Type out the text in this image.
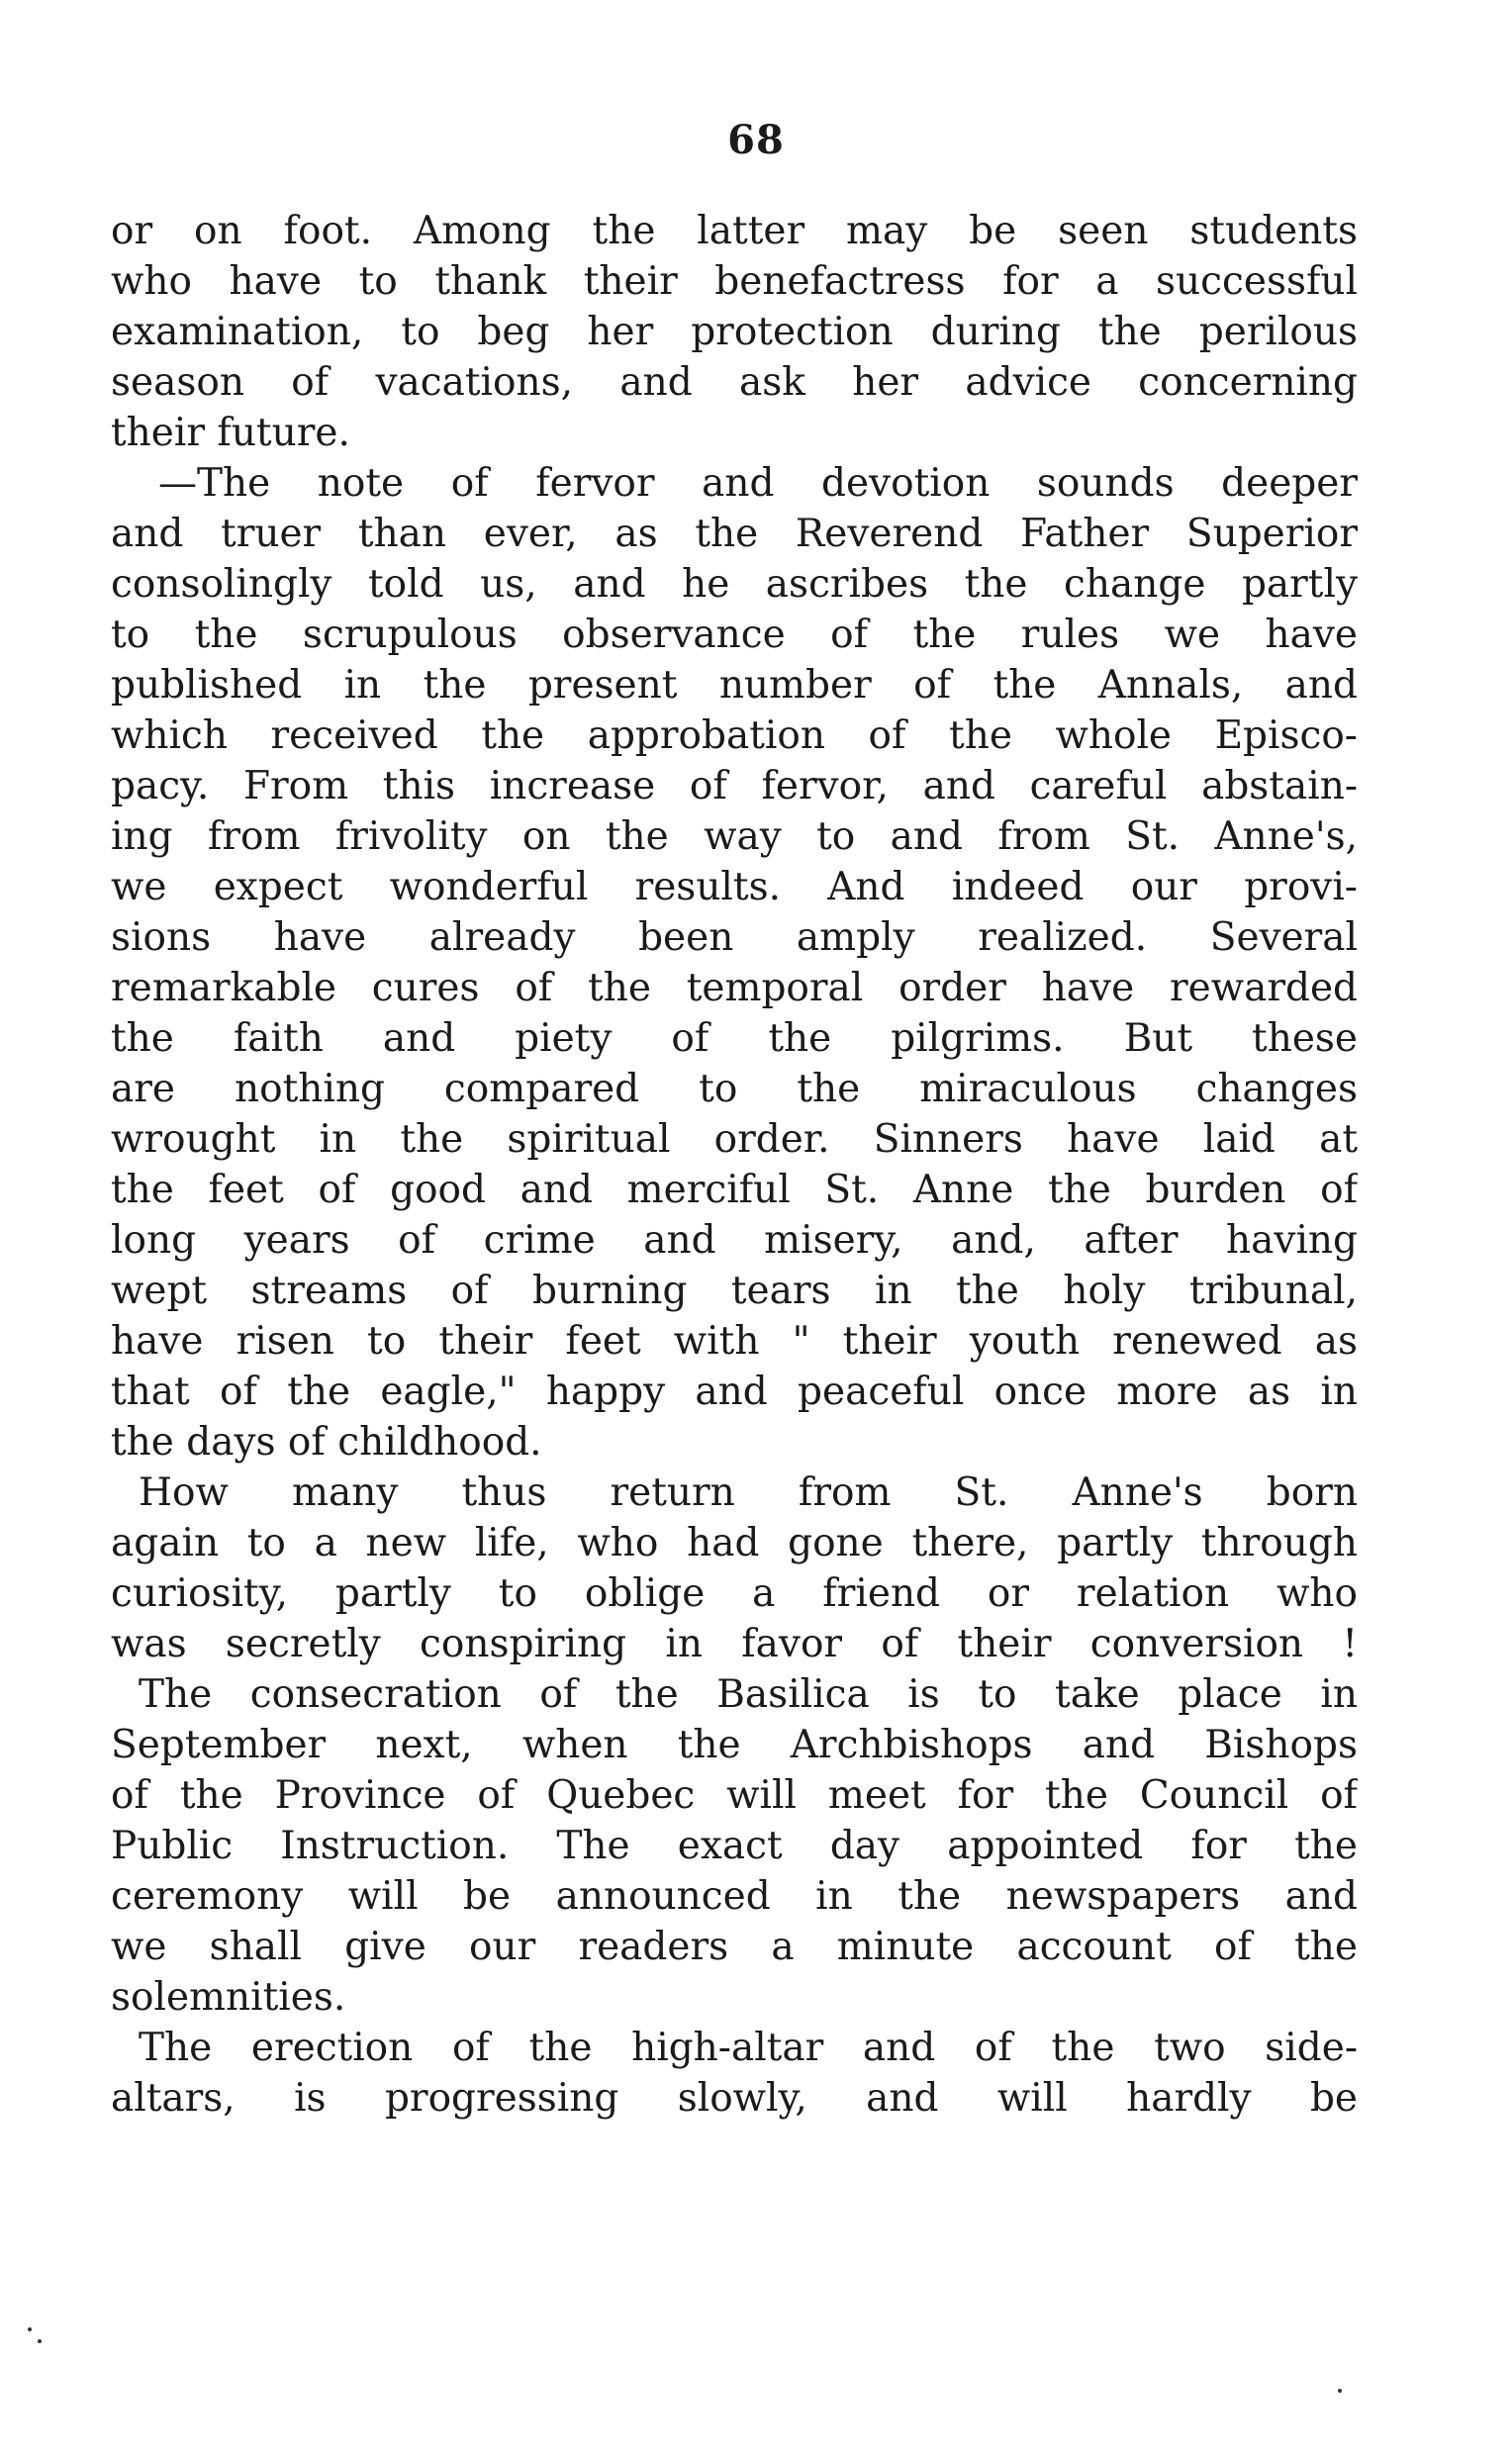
68
or on foot. Among the latter may be seen students
who have to thank their benefactress for a successful
examination, to beg her protection during the perilous
season of vacations, and ask her advice concerning
their future.
—The note of fervor and devotion sounds deeper
and truer than ever, as the Reverend Father Superior
consolingly told us, and he ascribes the change partly
to the scrupulous observance of the rules we have
published in the present number of the Annals, and
which received the approbation of the whole Episco-
pacy. From this increase of fervor, and careful abstain-
ing from frivolity on the way to and from St. Anne's,
we expect wonderful results. And indeed our provi-
sions have already been amply realized. Several
remarkable cures of the temporal order have rewarded
the faith and piety of the pilgrims. But these
are nothing compared to the miraculous changes
wrought in the spiritual order. Sinners have laid at
the feet of good and merciful St. Anne the burden of
long years of crime and misery, and, after having
wept streams of burning tears in the holy tribunal,
have risen to their feet with " their youth renewed as
that of the eagle," happy and peaceful once more as in
the days of childhood.
How many thus return from St. Anne's born
again to a new life, who had gone there, partly through
curiosity, partly to oblige a friend or relation who
was secretly conspiring in favor of their conversion !
The consecration of the Basilica is to take place in
September next, when the Archbishops and Bishops
of the Province of Quebec will meet for the Council of
Public Instruction. The exact day appointed for the
ceremony will be announced in the newspapers and
we shall give our readers a minute account of the
solemnities.
The erection of the high-altar and of the two side-
altars, is progressing slowly, and will hardly be
